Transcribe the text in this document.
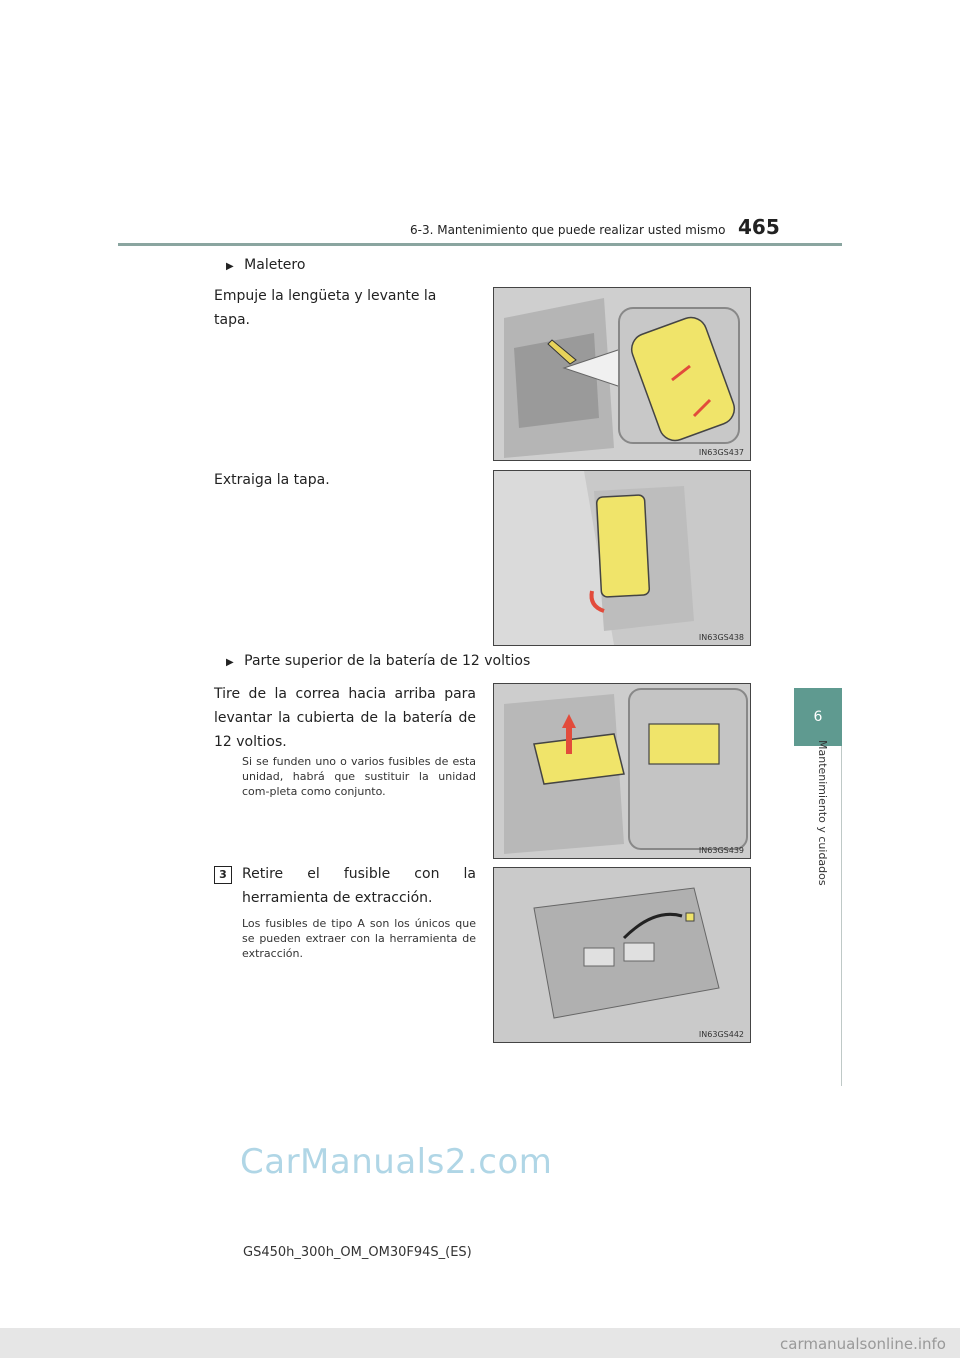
6-3. Mantenimiento que puede realizar usted mismo 465
6
Mantenimiento y cuidados
▶ Maletero
Empuje la lengüeta y levante la tapa.
IN63GS437
Extraiga la tapa.
IN63GS438
▶ Parte superior de la batería de 12 voltios
Tire de la correa hacia arriba para levantar la cubierta de la batería de 12 voltios.
Si se funden uno o varios fusibles de esta unidad, habrá que sustituir la unidad com-pleta como conjunto.
IN63GS439
3	Retire el fusible con la herramienta de extracción.
Los fusibles de tipo A son los únicos que se pueden extraer con la herramienta de extracción.
IN63GS442
CarManuals2.com
GS450h_300h_OM_OM30F94S_(ES)
carmanualsonline.info
